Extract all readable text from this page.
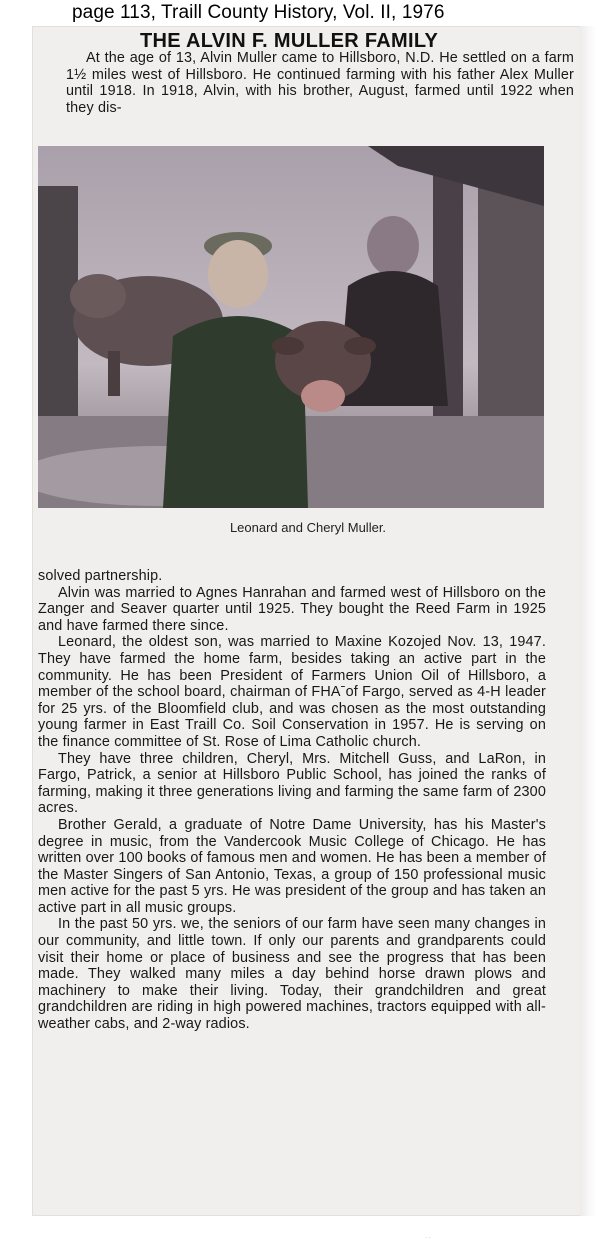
page 113, Traill County History, Vol. II, 1976
THE ALVIN F. MULLER FAMILY

At the age of 13, Alvin Muller came to Hillsboro, N.D. He settled on a farm 1½ miles west of Hillsboro. He continued farming with his father Alex Muller until 1918. In 1918, Alvin, with his brother, August, farmed until 1922 when they dis-

Leonard and Cheryl Muller.

solved partnership.

Alvin was married to Agnes Hanrahan and farmed west of Hillsboro on the Zanger and Seaver quarter until 1925. They bought the Reed Farm in 1925 and have farmed there since.

Leonard, the oldest son, was married to Maxine Kozojed Nov. 13, 1947. They have farmed the home farm, besides taking an active part in the community. He has been President of Farmers Union Oil of Hillsboro, a member of the school board, chairman of FHAˉof Fargo, served as 4-H leader for 25 yrs. of the Bloomfield club, and was chosen as the most outstanding young farmer in East Traill Co. Soil Conservation in 1957. He is serving on the finance committee of St. Rose of Lima Catholic church.

They have three children, Cheryl, Mrs. Mitchell Guss, and LaRon, in Fargo, Patrick, a senior at Hillsboro Public School, has joined the ranks of farming, making it three generations living and farming the same farm of 2300 acres.

Brother Gerald, a graduate of Notre Dame University, has his Master's degree in music, from the Vandercook Music College of Chicago. He has written over 100 books of famous men and women. He has been a member of the Master Singers of San Antonio, Texas, a group of 150 professional music men active for the past 5 yrs. He was president of the group and has taken an active part in all music groups.

In the past 50 yrs. we, the seniors of our farm have seen many changes in our community, and little town. If only our parents and grandparents could visit their home or place of business and see the progress that has been made. They walked many miles a day behind horse drawn plows and machinery to make their living. Today, their grandchildren and great grandchildren are riding in high powered machines, tractors equipped with all-weather cabs, and 2-way radios.

· ·
